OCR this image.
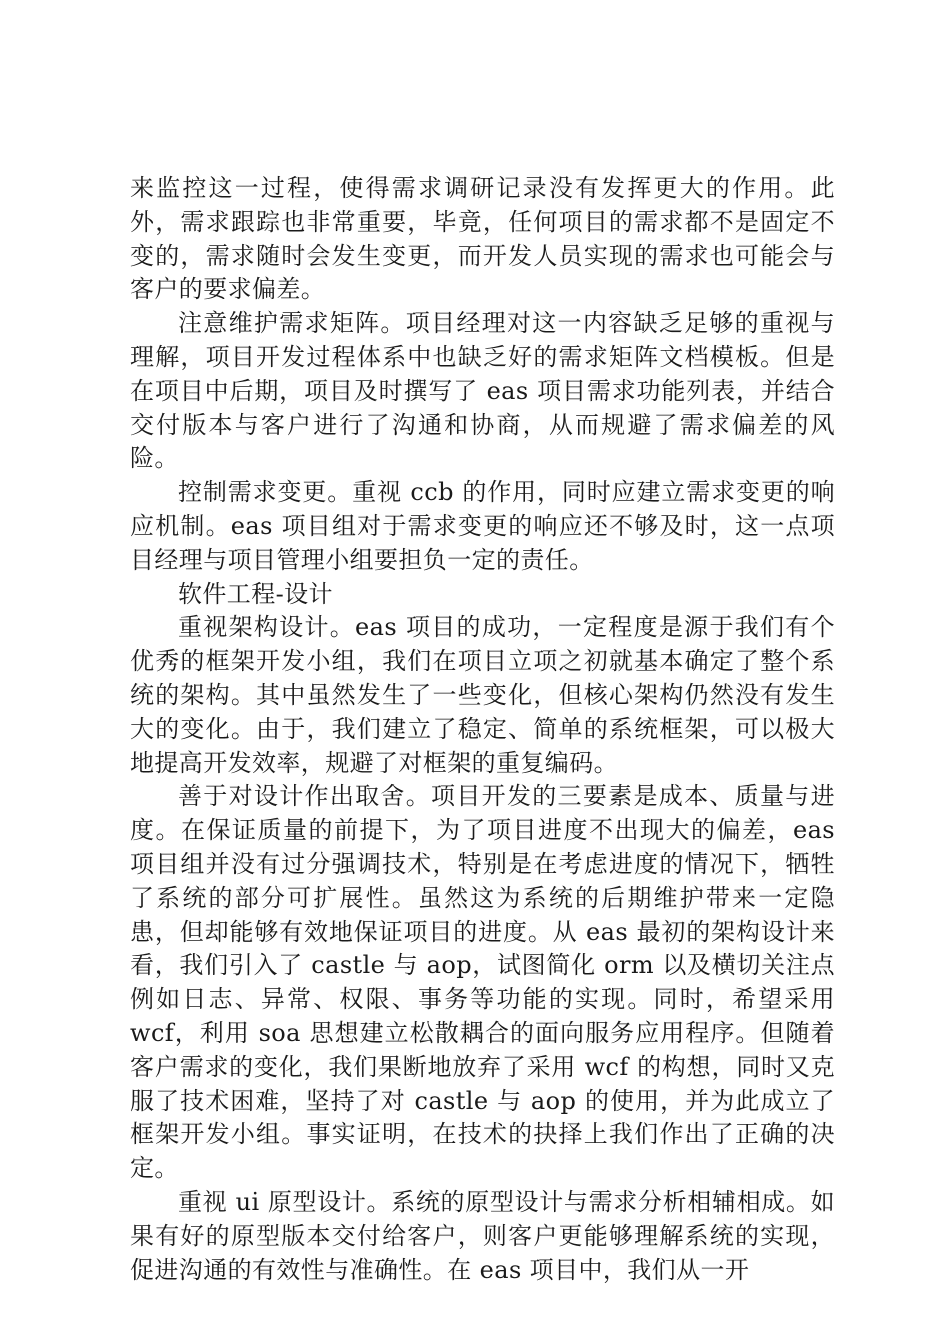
来监控这一过程，使得需求调研记录没有发挥更大的作用。此外，需求跟踪也非常重要，毕竟，任何项目的需求都不是固定不变的，需求随时会发生变更，而开发人员实现的需求也可能会与客户的要求偏差。

注意维护需求矩阵。项目经理对这一内容缺乏足够的重视与理解，项目开发过程体系中也缺乏好的需求矩阵文档模板。但是在项目中后期，项目及时撰写了 eas 项目需求功能列表，并结合交付版本与客户进行了沟通和协商，从而规避了需求偏差的风险。

控制需求变更。重视 ccb 的作用，同时应建立需求变更的响应机制。eas 项目组对于需求变更的响应还不够及时，这一点项目经理与项目管理小组要担负一定的责任。

软件工程-设计

重视架构设计。eas 项目的成功，一定程度是源于我们有个优秀的框架开发小组，我们在项目立项之初就基本确定了整个系统的架构。其中虽然发生了一些变化，但核心架构仍然没有发生大的变化。由于，我们建立了稳定、简单的系统框架，可以极大地提高开发效率，规避了对框架的重复编码。

善于对设计作出取舍。项目开发的三要素是成本、质量与进度。在保证质量的前提下，为了项目进度不出现大的偏差，eas 项目组并没有过分强调技术，特别是在考虑进度的情况下，牺牲了系统的部分可扩展性。虽然这为系统的后期维护带来一定隐患，但却能够有效地保证项目的进度。从 eas 最初的架构设计来看，我们引入了 castle 与 aop，试图简化 orm 以及横切关注点例如日志、异常、权限、事务等功能的实现。同时，希望采用 wcf，利用 soa 思想建立松散耦合的面向服务应用程序。但随着客户需求的变化，我们果断地放弃了采用 wcf 的构想，同时又克服了技术困难，坚持了对 castle 与 aop 的使用，并为此成立了框架开发小组。事实证明，在技术的抉择上我们作出了正确的决定。

重视 ui 原型设计。系统的原型设计与需求分析相辅相成。如果有好的原型版本交付给客户，则客户更能够理解系统的实现，促进沟通的有效性与准确性。在 eas 项目中，我们从一开
